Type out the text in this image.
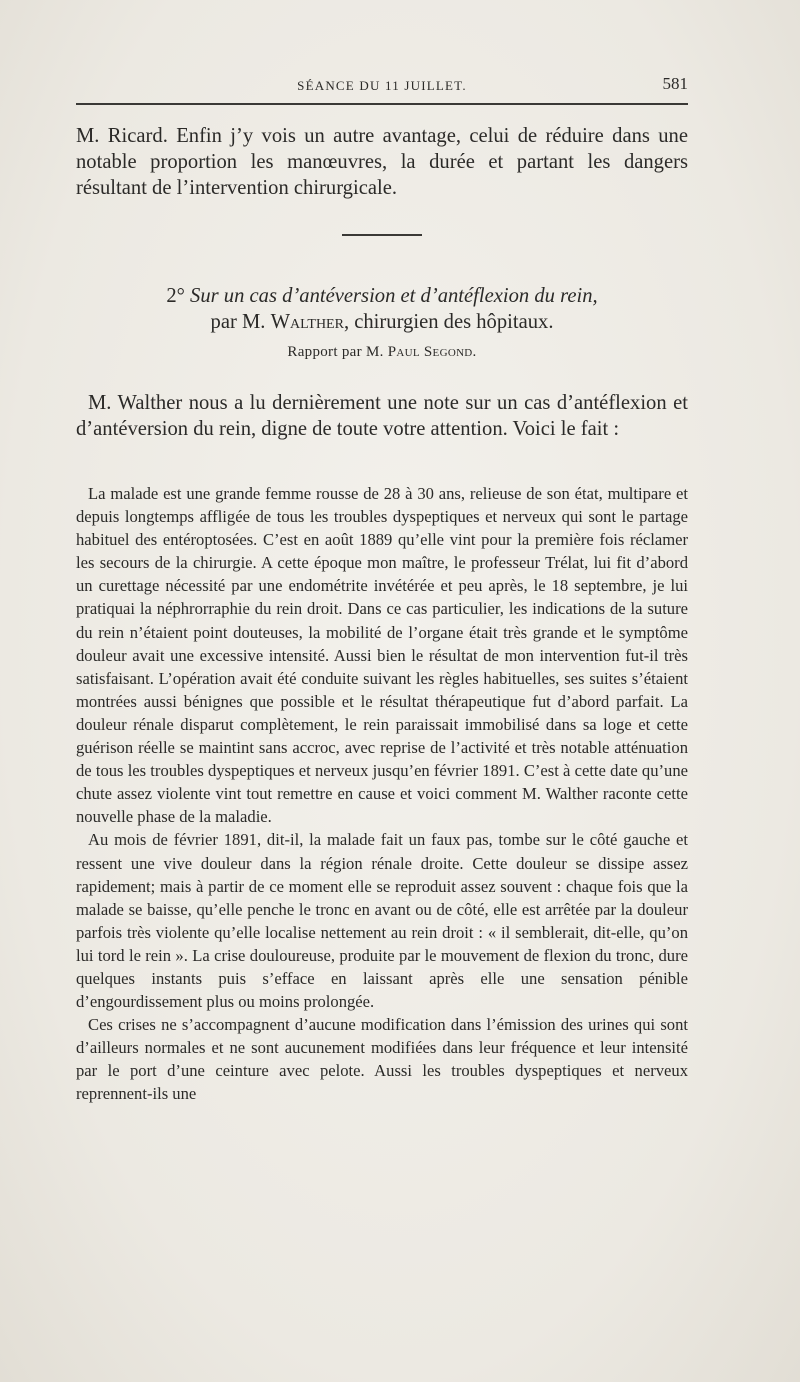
SÉANCE DU 11 JUILLET.	581

M. Ricard. Enfin j’y vois un autre avantage, celui de réduire dans une notable proportion les manœuvres, la durée et partant les dangers résultant de l’intervention chirurgicale.

2° Sur un cas d’antéversion et d’antéflexion du rein,
par M. Walther, chirurgien des hôpitaux.
Rapport par M. Paul Segond.

M. Walther nous a lu dernièrement une note sur un cas d’antéflexion et d’antéversion du rein, digne de toute votre attention. Voici le fait :

La malade est une grande femme rousse de 28 à 30 ans, relieuse de son état, multipare et depuis longtemps affligée de tous les troubles dyspeptiques et nerveux qui sont le partage habituel des entéroptosées. C’est en août 1889 qu’elle vint pour la première fois réclamer les secours de la chirurgie. A cette époque mon maître, le professeur Trélat, lui fit d’abord un curettage nécessité par une endométrite invétérée et peu après, le 18 septembre, je lui pratiquai la néphrorraphie du rein droit. Dans ce cas particulier, les indications de la suture du rein n’étaient point douteuses, la mobilité de l’organe était très grande et le symptôme douleur avait une excessive intensité. Aussi bien le résultat de mon intervention fut-il très satisfaisant. L’opération avait été conduite suivant les règles habituelles, ses suites s’étaient montrées aussi bénignes que possible et le résultat thérapeutique fut d’abord parfait. La douleur rénale disparut complètement, le rein paraissait immobilisé dans sa loge et cette guérison réelle se maintint sans accroc, avec reprise de l’activité et très notable atténuation de tous les troubles dyspeptiques et nerveux jusqu’en février 1891. C’est à cette date qu’une chute assez violente vint tout remettre en cause et voici comment M. Walther raconte cette nouvelle phase de la maladie.

Au mois de février 1891, dit-il, la malade fait un faux pas, tombe sur le côté gauche et ressent une vive douleur dans la région rénale droite. Cette douleur se dissipe assez rapidement; mais à partir de ce moment elle se reproduit assez souvent : chaque fois que la malade se baisse, qu’elle penche le tronc en avant ou de côté, elle est arrêtée par la douleur parfois très violente qu’elle localise nettement au rein droit : « il semblerait, dit-elle, qu’on lui tord le rein ». La crise douloureuse, produite par le mouvement de flexion du tronc, dure quelques instants puis s’efface en laissant après elle une sensation pénible d’engourdissement plus ou moins prolongée.

Ces crises ne s’accompagnent d’aucune modification dans l’émission des urines qui sont d’ailleurs normales et ne sont aucunement modifiées dans leur fréquence et leur intensité par le port d’une ceinture avec pelote. Aussi les troubles dyspeptiques et nerveux reprennent-ils une
